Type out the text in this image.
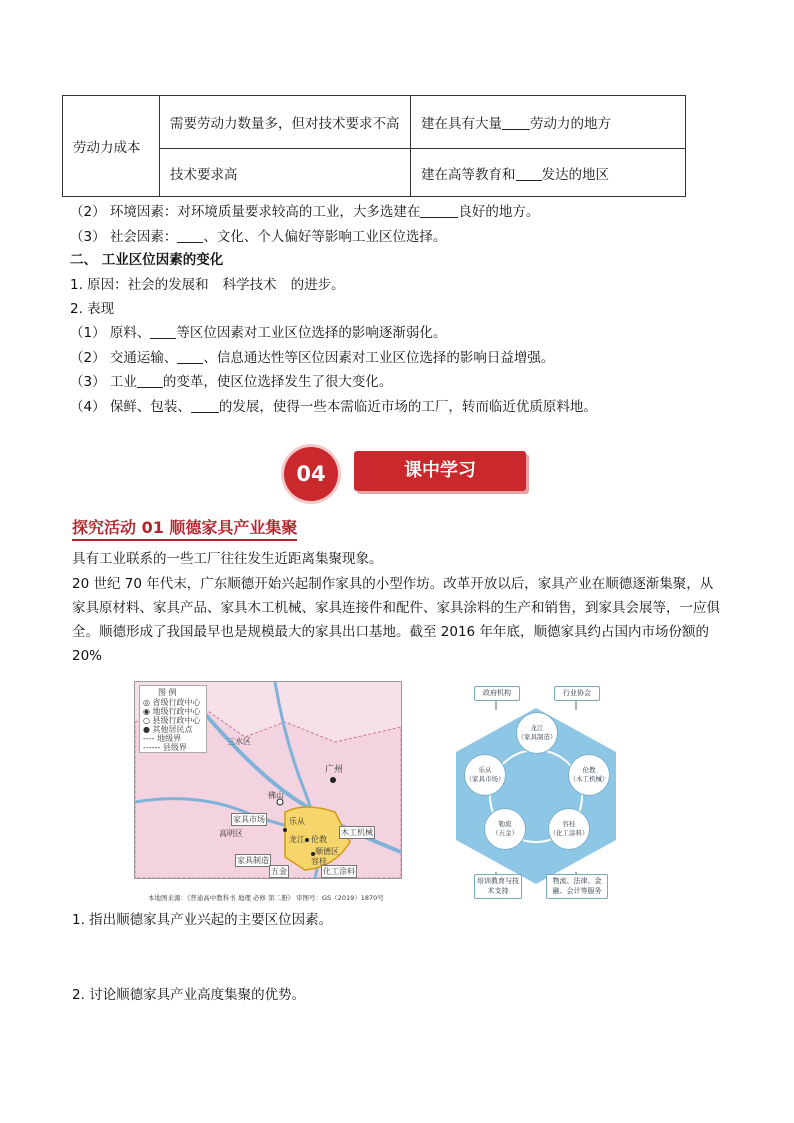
劳动力成本	需要劳动力数量多，但对技术要求不高	建在具有大量 劳动力的地方
	技术要求高	建在高等教育和 发达的地区
（2） 环境因素：对环境质量要求较高的工业，大多选建在	良好的地方。
（3） 社会因素： 、文化、个人偏好等影响工业区位选择。
二、 工业区位因素的变化
1. 原因：社会的发展和 科学技术 的进步。
2. 表现
（1） 原料、 等区位因素对工业区位选择的影响逐渐弱化。
（2） 交通运输、 、信息通达性等区位因素对工业区位选择的影响日益增强。
（3） 工业 的变革，使区位选择发生了很大变化。
（4） 保鲜、包装、 的发展，使得一些本需临近市场的工厂，转而临近优质原料地。
04	课中学习
探究活动 01 顺德家具产业集聚
具有工业联系的一些工厂往往发生近距离集聚现象。
20 世纪 70 年代末，广东顺德开始兴起制作家具的小型作坊。改革开放以后，家具产业在顺德逐渐集聚，从家具原材料、家具产品、家具木工机械、家具连接件和配件、家具涂料的生产和销售，到家具会展等，一应俱全。顺德形成了我国最早也是规模最大的家具出口基地。截至 2016 年年底，顺德家具约占国内市场份额的 20%
图 例
◎ 省级行政中心
◉ 地级行政中心
○ 县级行政中心
● 其他居民点
---- 地级界
------ 县级界
三水区
广州
佛山
高明区
家具市场
家具制造
木工机械
五金	化工涂料
顺德区
乐从
龙江 伦教
容桂
本地图来源：《普通高中教科书 地理 必修 第二册》 审图号：GS（2019）1870号
政府机构	行业协会
龙江
（家具制造）
乐从
（家具市场）
伦教
（木工机械）
勒流
（五金）
容桂
（化工涂料）
培训教育与技术支持
物流、法律、金融、会计等服务
1. 指出顺德家具产业兴起的主要区位因素。
2. 讨论顺德家具产业高度集聚的优势。
